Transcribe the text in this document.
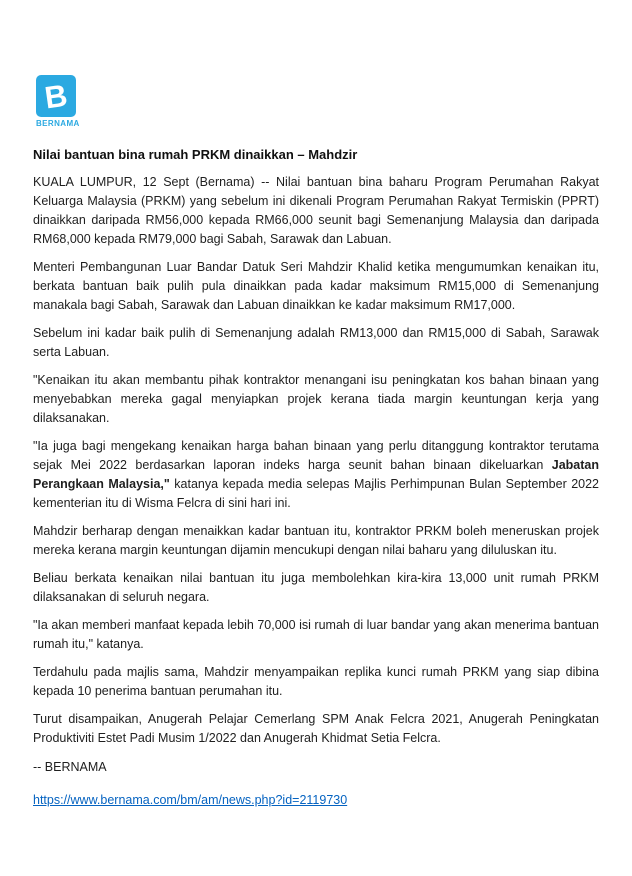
B
BERNAMA
Nilai bantuan bina rumah PRKM dinaikkan – Mahdzir

KUALA LUMPUR, 12 Sept (Bernama) -- Nilai bantuan bina baharu Program Perumahan Rakyat Keluarga Malaysia (PRKM) yang sebelum ini dikenali Program Perumahan Rakyat Termiskin (PPRT) dinaikkan daripada RM56,000 kepada RM66,000 seunit bagi Semenanjung Malaysia dan daripada RM68,000 kepada RM79,000 bagi Sabah, Sarawak dan Labuan.

Menteri Pembangunan Luar Bandar Datuk Seri Mahdzir Khalid ketika mengumumkan kenaikan itu, berkata bantuan baik pulih pula dinaikkan pada kadar maksimum RM15,000 di Semenanjung manakala bagi Sabah, Sarawak dan Labuan dinaikkan ke kadar maksimum RM17,000.

Sebelum ini kadar baik pulih di Semenanjung adalah RM13,000 dan RM15,000 di Sabah, Sarawak serta Labuan.

"Kenaikan itu akan membantu pihak kontraktor menangani isu peningkatan kos bahan binaan yang menyebabkan mereka gagal menyiapkan projek kerana tiada margin keuntungan kerja yang dilaksanakan.

"Ia juga bagi mengekang kenaikan harga bahan binaan yang perlu ditanggung kontraktor terutama sejak Mei 2022 berdasarkan laporan indeks harga seunit bahan binaan dikeluarkan Jabatan Perangkaan Malaysia," katanya kepada media selepas Majlis Perhimpunan Bulan September 2022 kementerian itu di Wisma Felcra di sini hari ini.

Mahdzir berharap dengan menaikkan kadar bantuan itu, kontraktor PRKM boleh meneruskan projek mereka kerana margin keuntungan dijamin mencukupi dengan nilai baharu yang diluluskan itu.

Beliau berkata kenaikan nilai bantuan itu juga membolehkan kira-kira 13,000 unit rumah PRKM dilaksanakan di seluruh negara.

"Ia akan memberi manfaat kepada lebih 70,000 isi rumah di luar bandar yang akan menerima bantuan rumah itu," katanya.

Terdahulu pada majlis sama, Mahdzir menyampaikan replika kunci rumah PRKM yang siap dibina kepada 10 penerima bantuan perumahan itu.

Turut disampaikan, Anugerah Pelajar Cemerlang SPM Anak Felcra 2021, Anugerah Peningkatan Produktiviti Estet Padi Musim 1/2022 dan Anugerah Khidmat Setia Felcra.

-- BERNAMA

https://www.bernama.com/bm/am/news.php?id=2119730
